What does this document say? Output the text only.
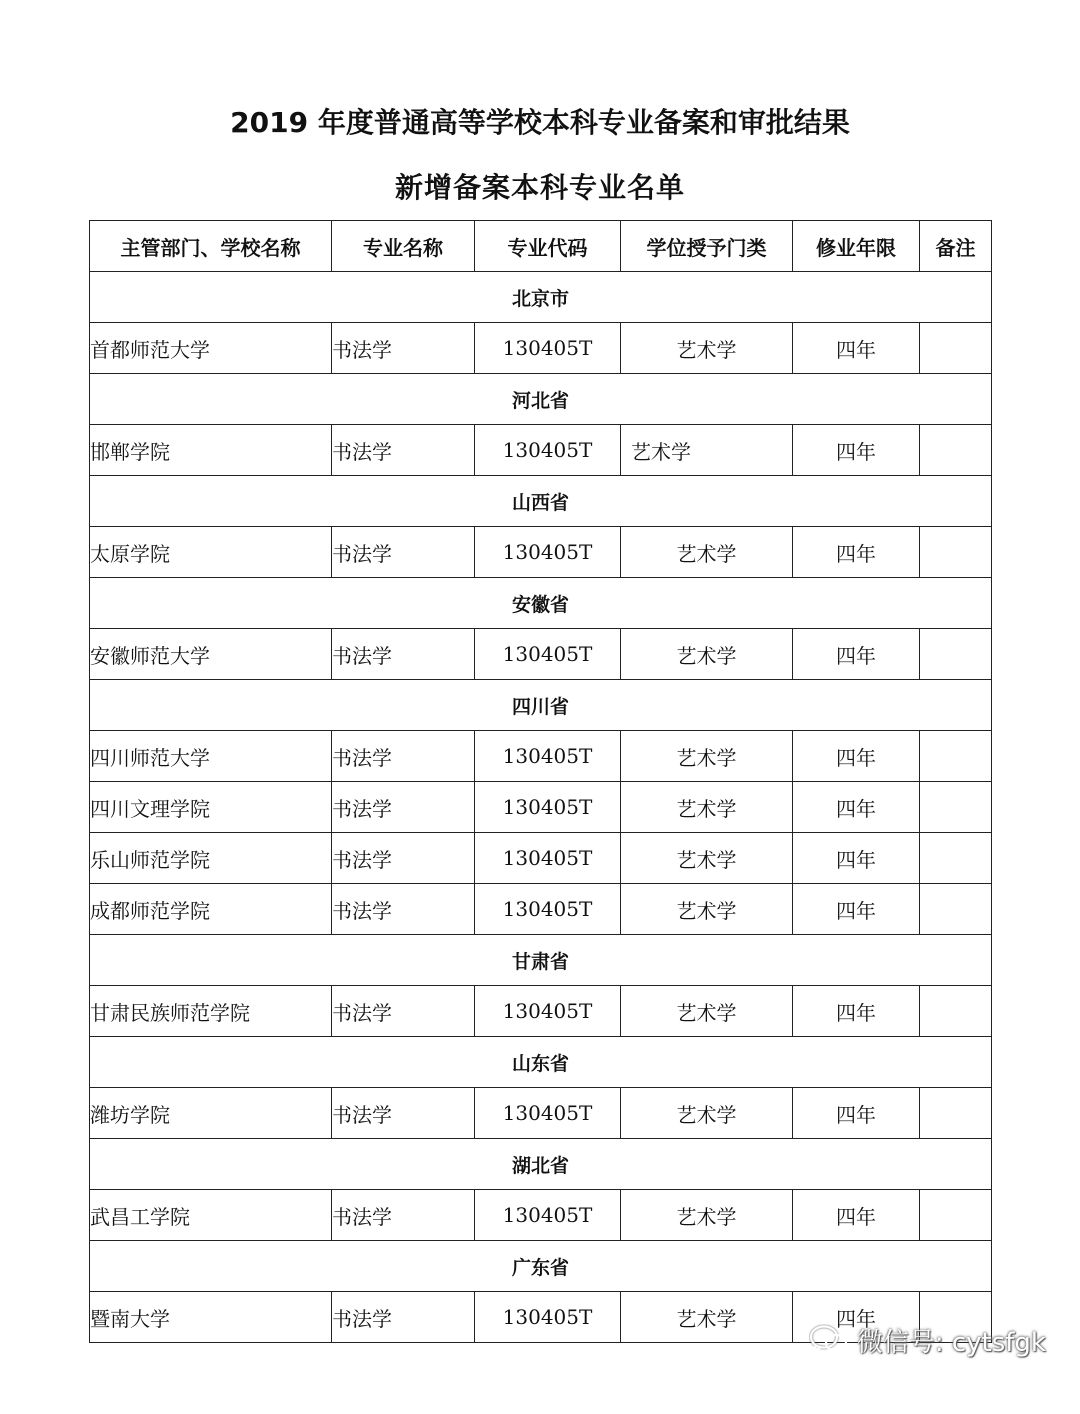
2019 年度普通高等学校本科专业备案和审批结果
新增备案本科专业名单
主管部门、学校名称	专业名称	专业代码	学位授予门类	修业年限	备注
北京市					
首都师范大学	书法学	130405T	艺术学	四年	
河北省					
邯郸学院	书法学	130405T	艺术学	四年	
山西省					
太原学院	书法学	130405T	艺术学	四年	
安徽省					
安徽师范大学	书法学	130405T	艺术学	四年	
四川省					
四川师范大学	书法学	130405T	艺术学	四年	
四川文理学院	书法学	130405T	艺术学	四年	
乐山师范学院	书法学	130405T	艺术学	四年	
成都师范学院	书法学	130405T	艺术学	四年	
甘肃省					
甘肃民族师范学院	书法学	130405T	艺术学	四年	
山东省					
潍坊学院	书法学	130405T	艺术学	四年	
湖北省					
武昌工学院	书法学	130405T	艺术学	四年	
广东省					
暨南大学	书法学	130405T	艺术学	四年	
微信号: cytsfgk
